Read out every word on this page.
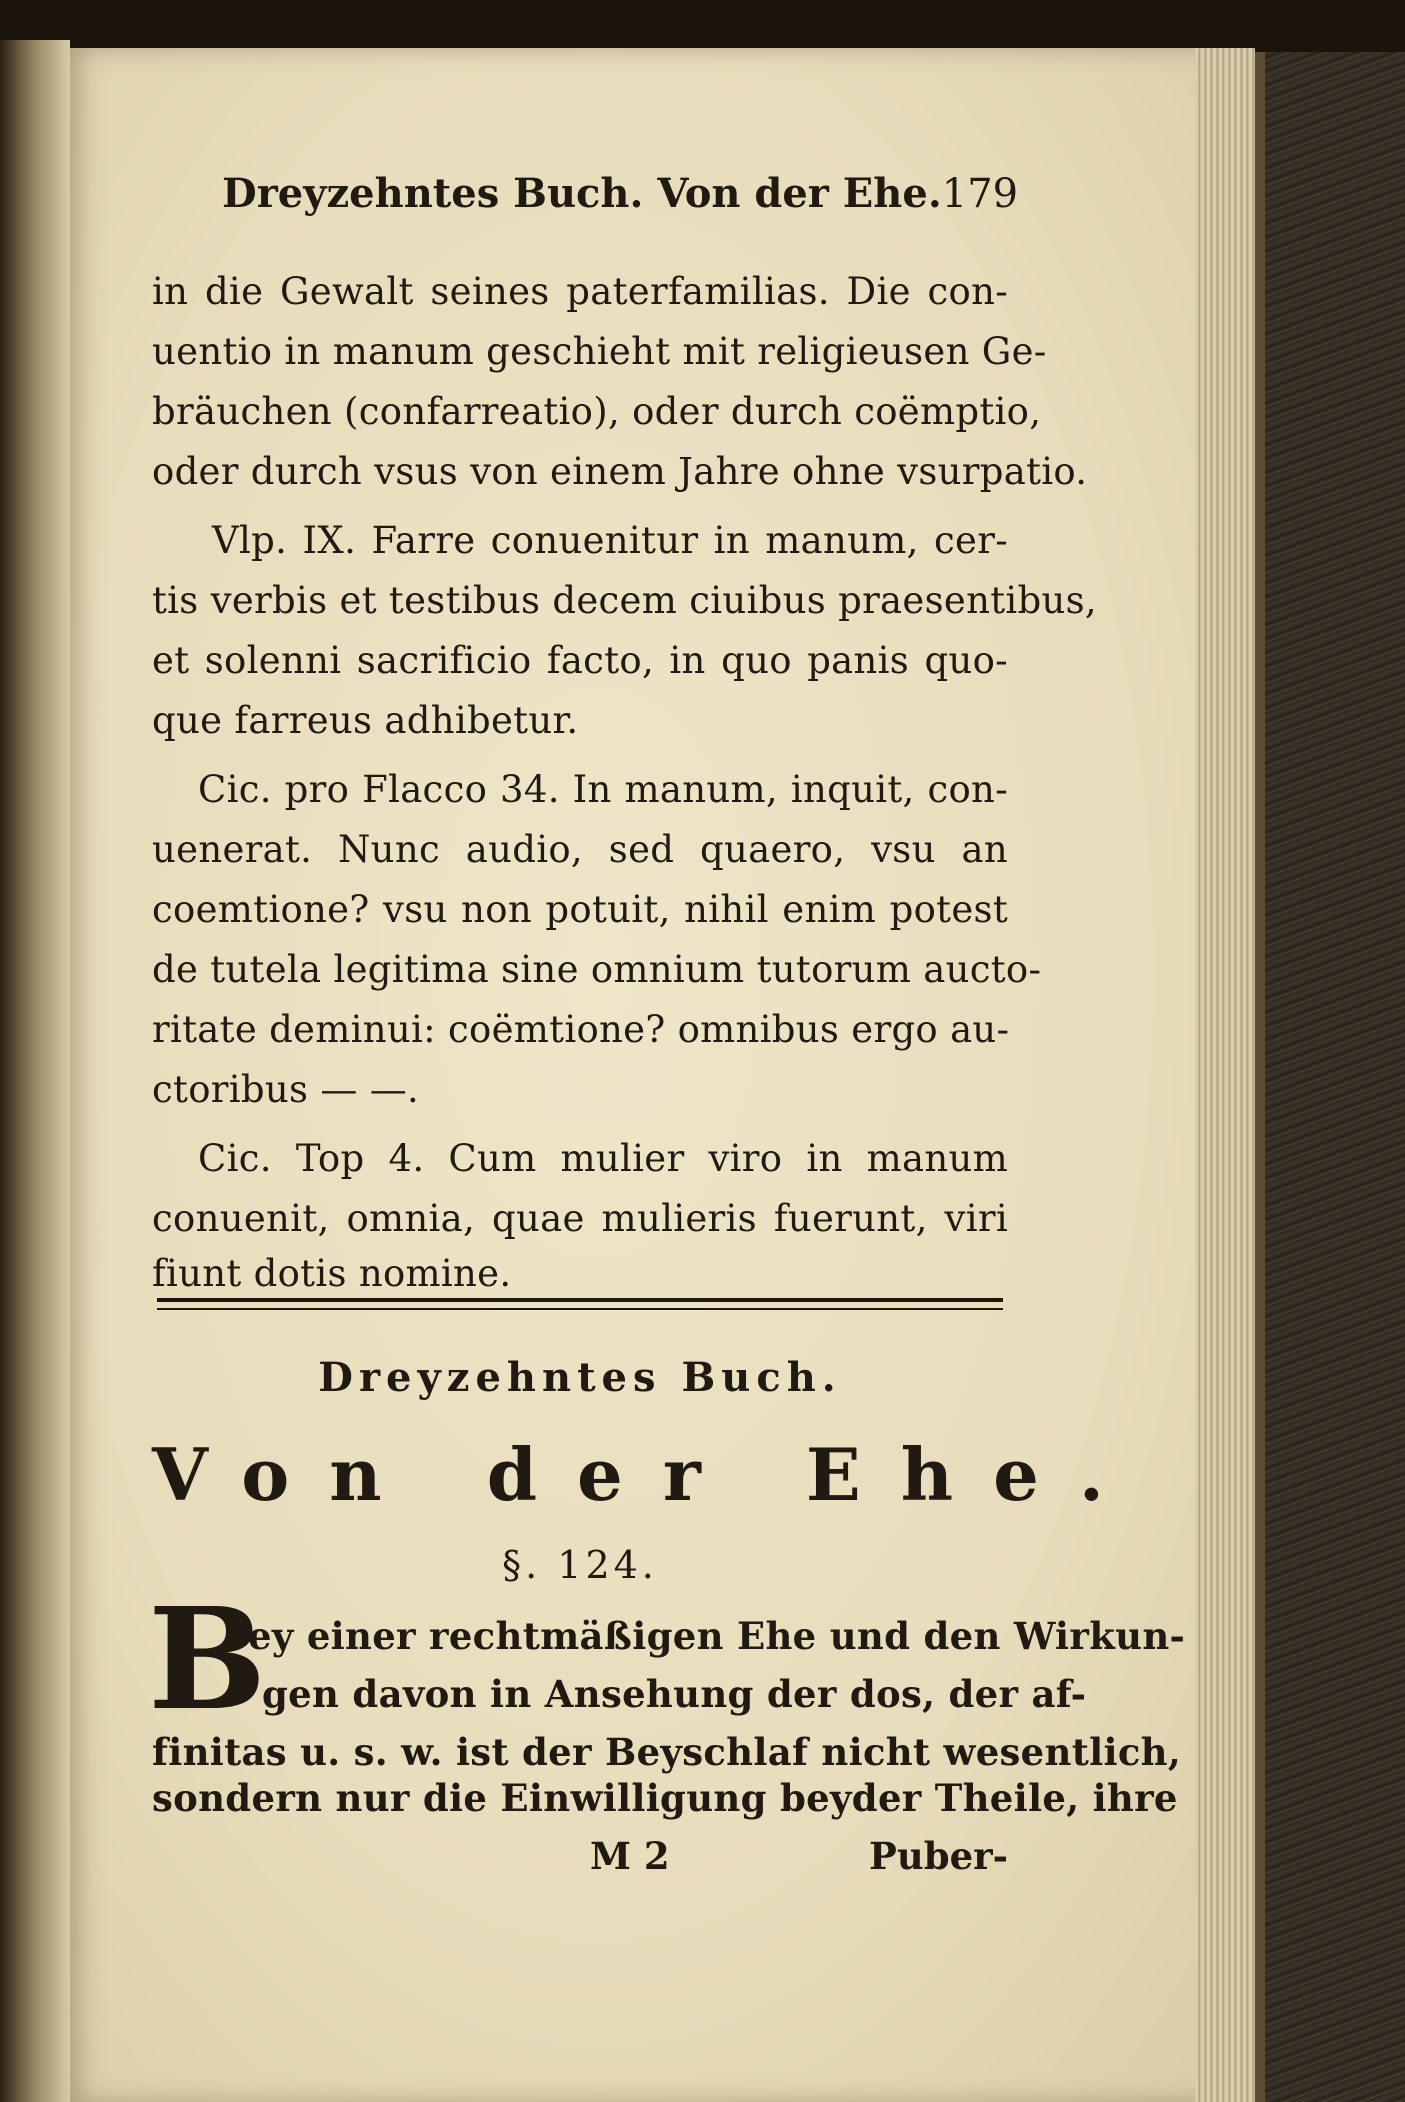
Dreyzehntes Buch. Von der Ehe. 179
in die Gewalt seines paterfamilias. Die con-
uentio in manum geschieht mit religieusen Ge-
bräuchen (confarreatio), oder durch coëmptio,
oder durch vsus von einem Jahre ohne vsurpatio.
Vlp. IX. Farre conuenitur in manum, cer-
tis verbis et testibus decem ciuibus praesentibus,
et solenni sacrificio facto, in quo panis quo-
que farreus adhibetur.
Cic. pro Flacco 34. In manum, inquit, con-
uenerat. Nunc audio, sed quaero, vsu an
coemtione? vsu non potuit, nihil enim potest
de tutela legitima sine omnium tutorum aucto-
ritate deminui: coëmtione? omnibus ergo au-
ctoribus — —.
Cic. Top 4. Cum mulier viro in manum
conuenit, omnia, quae mulieris fuerunt, viri
fiunt dotis nomine.
Dreyzehntes Buch.
Von der Ehe.
§. 124.
B
ey einer rechtmäßigen Ehe und den Wirkun-
gen davon in Ansehung der dos, der af-
finitas u. s. w. ist der Beyschlaf nicht wesentlich,
M 2	Puber-
sondern nur die Einwilligung beyder Theile, ihre
